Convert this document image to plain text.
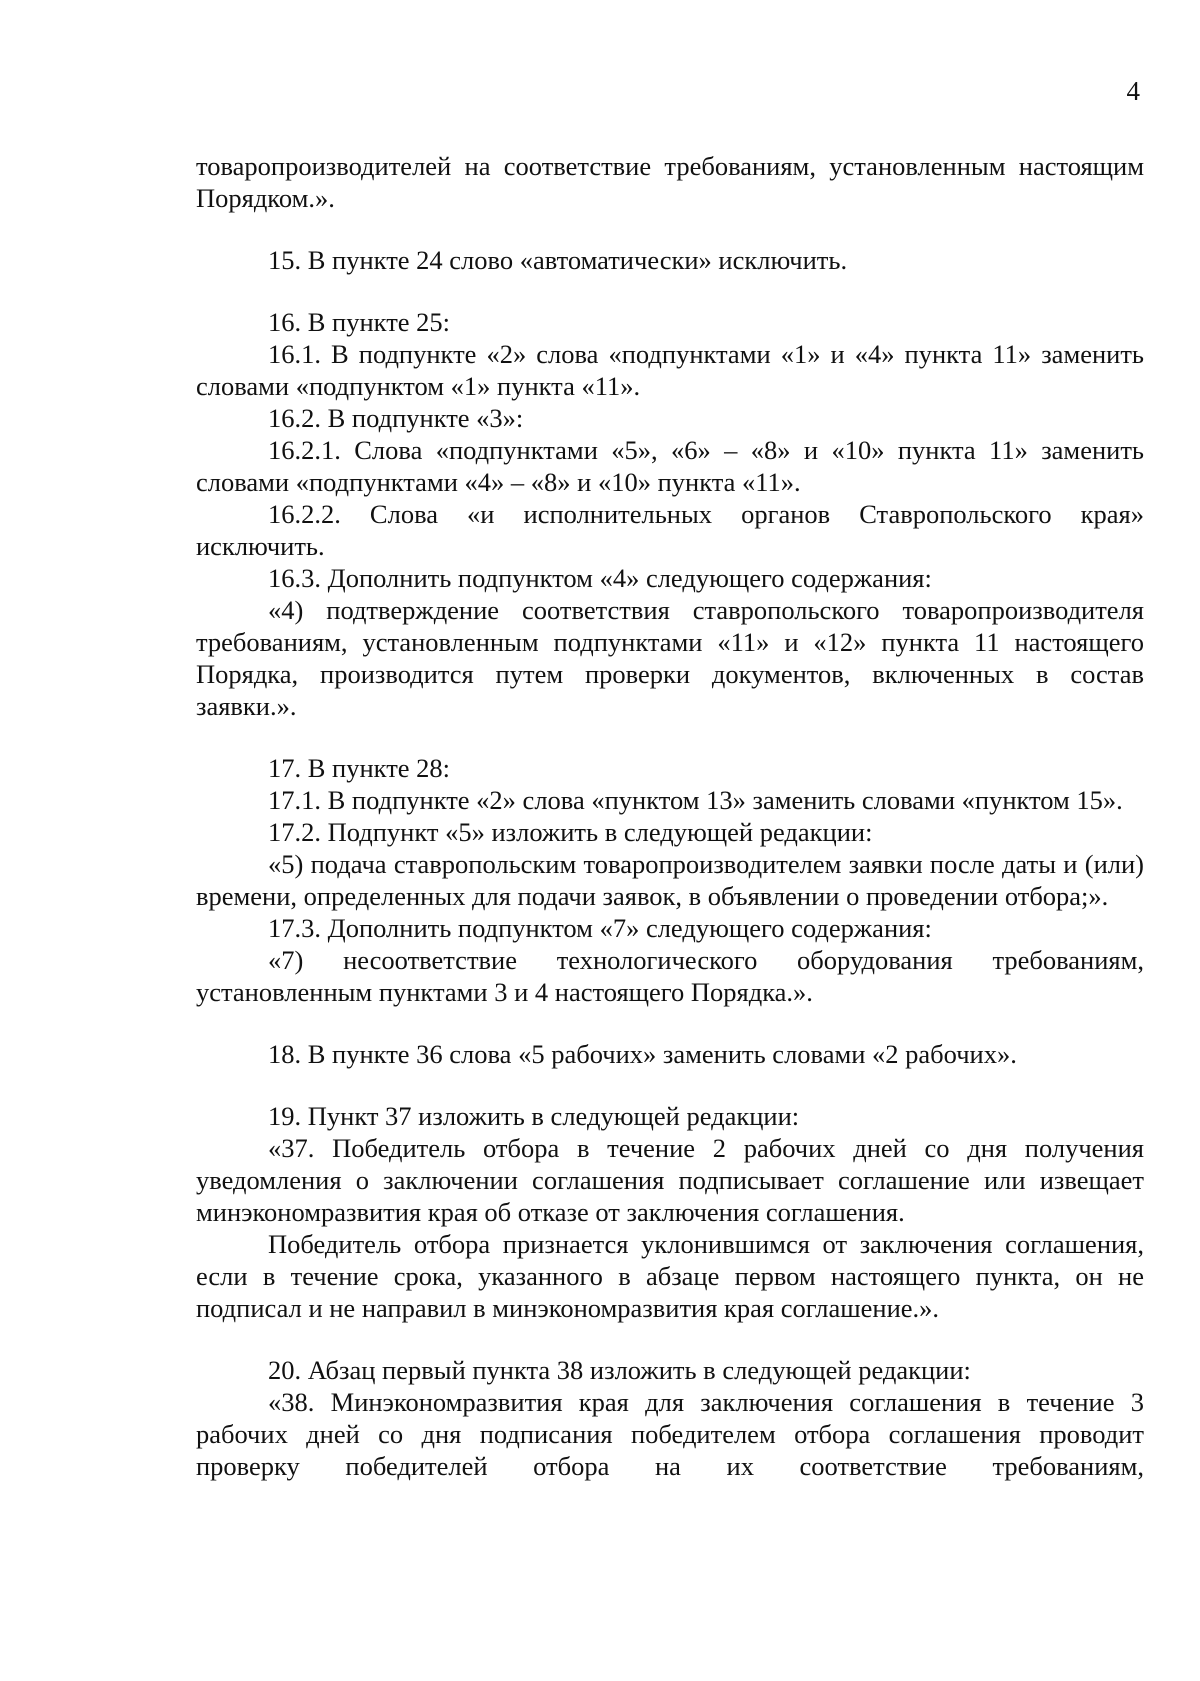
4

товаропроизводителей на соответствие требованиям, установленным настоящим Порядком.».

15. В пункте 24 слово «автоматически» исключить.

16. В пункте 25:

16.1. В подпункте «2» слова «подпунктами «1» и «4» пункта 11» заменить словами «подпунктом «1» пункта «11».

16.2. В подпункте «3»:

16.2.1. Слова «подпунктами «5», «6» – «8» и «10» пункта 11» заменить словами «подпунктами «4» – «8» и «10» пункта «11».

16.2.2. Слова «и исполнительных органов Ставропольского края» исключить.

16.3. Дополнить подпунктом «4» следующего содержания:

«4) подтверждение соответствия ставропольского товаропроизводителя требованиям, установленным подпунктами «11» и «12» пункта 11 настоящего Порядка, производится путем проверки документов, включенных в состав заявки.».

17. В пункте 28:

17.1. В подпункте «2» слова «пунктом 13» заменить словами «пунктом 15».

17.2. Подпункт «5» изложить в следующей редакции:

«5) подача ставропольским товаропроизводителем заявки после даты и (или) времени, определенных для подачи заявок, в объявлении о проведении отбора;».

17.3. Дополнить подпунктом «7» следующего содержания:

«7) несоответствие технологического оборудования требованиям, установленным пунктами 3 и 4 настоящего Порядка.».

18. В пункте 36 слова «5 рабочих» заменить словами «2 рабочих».

19. Пункт 37 изложить в следующей редакции:

«37. Победитель отбора в течение 2 рабочих дней со дня получения уведомления о заключении соглашения подписывает соглашение или извещает минэкономразвития края об отказе от заключения соглашения.

Победитель отбора признается уклонившимся от заключения соглашения, если в течение срока, указанного в абзаце первом настоящего пункта, он не подписал и не направил в минэкономразвития края соглашение.».

20. Абзац первый пункта 38 изложить в следующей редакции:

«38. Минэкономразвития края для заключения соглашения в течение 3 рабочих дней со дня подписания победителем отбора соглашения проводит проверку победителей отбора на их соответствие требованиям,
